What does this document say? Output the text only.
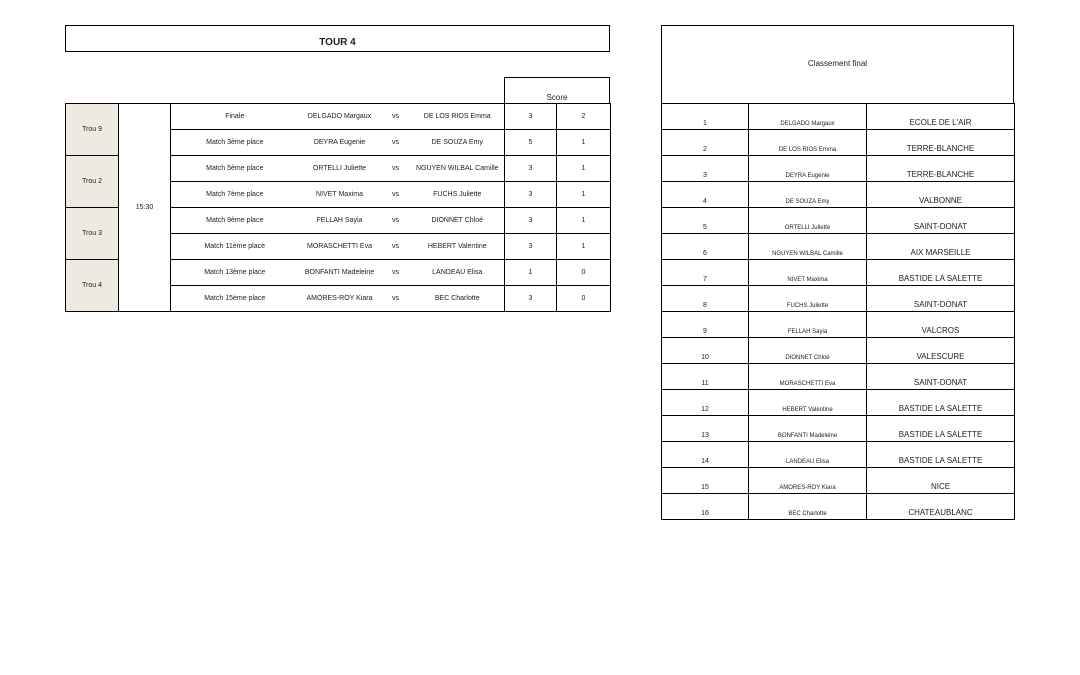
TOUR 4
Score
Trou 9	15:30	Finale	DELGADO Margaux	vs	DE LOS RIOS Emma	3	2
		Match 3ème place	DEYRA Eugenie	vs	DE SOUZA Emy	5	1
Trou 2		Match 5ème place	ORTELLI Juliette	vs	NGUYEN WILBAL Camille	3	1
		Match 7ème place	NIVET Maxima	vs	FUCHS Juliette	3	1
Trou 3		Match 9ème place	FELLAH Sayia	vs	DIONNET Chloé	3	1
		Match 11ème place	MORASCHETTI Eva	vs	HEBERT Valentine	3	1
Trou 4		Match 13ème place	BONFANTI Madeleine	vs	LANDEAU Elisa	1	0
		Match 15ème place	AMORES-ROY Kiara	vs	BEC Charlotte	3	0
Classement final
1	DELGADO Margaux	ECOLE DE L'AIR
2	DE LOS RIOS Emma	TERRE-BLANCHE
3	DEYRA Eugenie	TERRE-BLANCHE
4	DE SOUZA Emy	VALBONNE
5	ORTELLI Juliette	SAINT-DONAT
6	NGUYEN WILBAL Camille	AIX MARSEILLE
7	NIVET Maxima	BASTIDE LA SALETTE
8	FUCHS Juliette	SAINT-DONAT
9	FELLAH Sayia	VALCROS
10	DIONNET Chloé	VALESCURE
11	MORASCHETTI Eva	SAINT-DONAT
12	HEBERT Valentine	BASTIDE LA SALETTE
13	BONFANTI Madeleine	BASTIDE LA SALETTE
14	LANDEAU Elisa	BASTIDE LA SALETTE
15	AMORES-ROY Kiara	NICE
16	BEC Charlotte	CHATEAUBLANC
